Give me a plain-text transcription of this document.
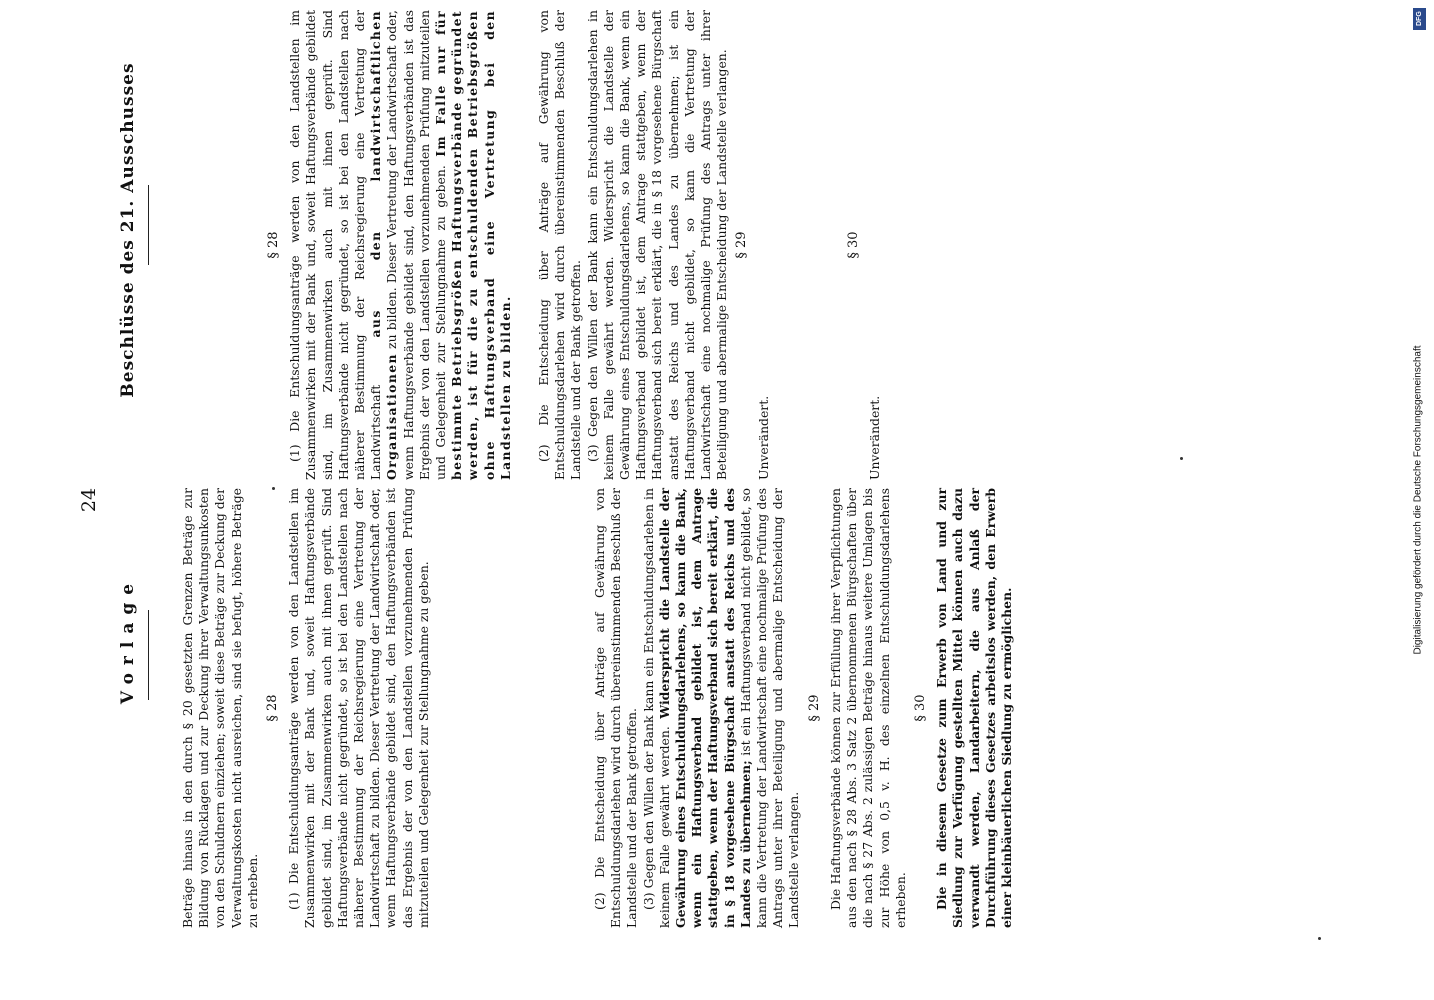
24
Vorlage
Beschlüsse des 21. Ausschusses

Beträge hinaus in den durch § 20 gesetzten Grenzen Beträge zur Bildung von Rücklagen und zur Deckung ihrer Verwaltungsunkosten von den Schuldnern einziehen; soweit diese Beträge zur Deckung der Verwaltungskosten nicht ausreichen, sind sie befugt, höhere Beträge zu erheben.

§ 28 (1) Die Entschuldungsanträge werden von den Landstellen im Zusammenwirken mit der Bank und, soweit Haftungsverbände gebildet sind, im Zusammenwirken auch mit ihnen geprüft. Sind Haftungsverbände nicht gegründet, so ist bei den Landstellen nach näherer Bestimmung der Reichsregierung eine Vertretung der Landwirtschaft zu bilden. Dieser Vertretung der Landwirtschaft oder, wenn Haftungsverbände gebildet sind, den Haftungsverbänden ist das Ergebnis der von den Landstellen vorzunehmenden Prüfung mitzuteilen und Gelegenheit zur Stellungnahme zu geben.	(2) Die Entscheidung über Anträge auf Gewährung von Entschuldungsdarlehen wird durch übereinstimmenden Beschluß der Landstelle und der Bank getroffen. (3) Gegen den Willen der Bank kann ein Entschuldungsdarlehen in keinem Falle gewährt werden. Widerspricht die Landstelle der Gewährung eines Entschuldungsdarlehens, so kann die Bank, wenn ein Haftungsverband gebildet ist, dem Antrage stattgeben, wenn der Haftungsverband sich bereit erklärt, die in § 18 vorgesehene Bürgschaft anstatt des Reichs und des Landes zu übernehmen; ist ein Haftungsverband nicht gebildet, so kann die Vertretung der Landwirtschaft eine nochmalige Prüfung des Antrags unter ihrer Beteiligung und abermalige Entscheidung der Landstelle verlangen.

§ 29 Die Haftungsverbände können zur Erfüllung ihrer Verpflichtungen aus den nach § 28 Abs. 3 Satz 2 übernommenen Bürgschaften über die nach § 27 Abs. 2 zulässigen Beträge hinaus weitere Umlagen bis zur Höhe von 0,5 v. H. des einzelnen Entschuldungsdarlehens erheben.

§ 30 Die in diesem Gesetze zum Erwerb von Land und zur Siedlung zur Verfügung gestellten Mittel können auch dazu verwandt werden, Landarbeitern, die aus Anlaß der Durchführung dieses Gesetzes arbeitslos werden, den Erwerb einer kleinbäuerlichen Siedlung zu ermöglichen.

§ 28 (1) Die Entschuldungsanträge werden von den Landstellen im Zusammenwirken mit der Bank und, soweit Haftungsverbände gebildet sind, im Zusammenwirken auch mit ihnen geprüft. Sind Haftungsverbände nicht gegründet, so ist bei den Landstellen nach näherer Bestimmung der Reichsregierung eine Vertretung der Landwirtschaft aus den landwirtschaftlichen Organisationen zu bilden. Dieser Vertretung der Landwirtschaft oder, wenn Haftungsverbände gebildet sind, den Haftungsverbänden ist das Ergebnis der von den Landstellen vorzunehmenden Prüfung mitzuteilen und Gelegenheit zur Stellungnahme zu geben. Im Falle nur für bestimmte Betriebsgrößen Haftungsverbände gegründet werden, ist für die zu entschuldenden Betriebsgrößen ohne Haftungsverband eine Vertretung bei den Landstellen zu bilden. (2) Die Entscheidung über Anträge auf Gewährung von Entschuldungsdarlehen wird durch übereinstimmenden Beschluß der Landstelle und der Bank getroffen. (3) Gegen den Willen der Bank kann ein Entschuldungsdarlehen in keinem Falle gewährt werden. Widerspricht die Landstelle der Gewährung eines Entschuldungsdarlehens, so kann die Bank, wenn ein Haftungsverband gebildet ist, dem Antrage stattgeben, wenn der Haftungsverband sich bereit erklärt, die in § 18 vorgesehene Bürgschaft anstatt des Reichs und des Landes zu übernehmen; ist ein Haftungsverband nicht gebildet, so kann die Vertretung der Landwirtschaft eine nochmalige Prüfung des Antrags unter ihrer Beteiligung und abermalige Entscheidung der Landstelle verlangen. § 29

Unverändert.

§ 30

Unverändert.	Digitalisierung gefördert durch die Deutsche Forschungsgemeinschaft
DFG
